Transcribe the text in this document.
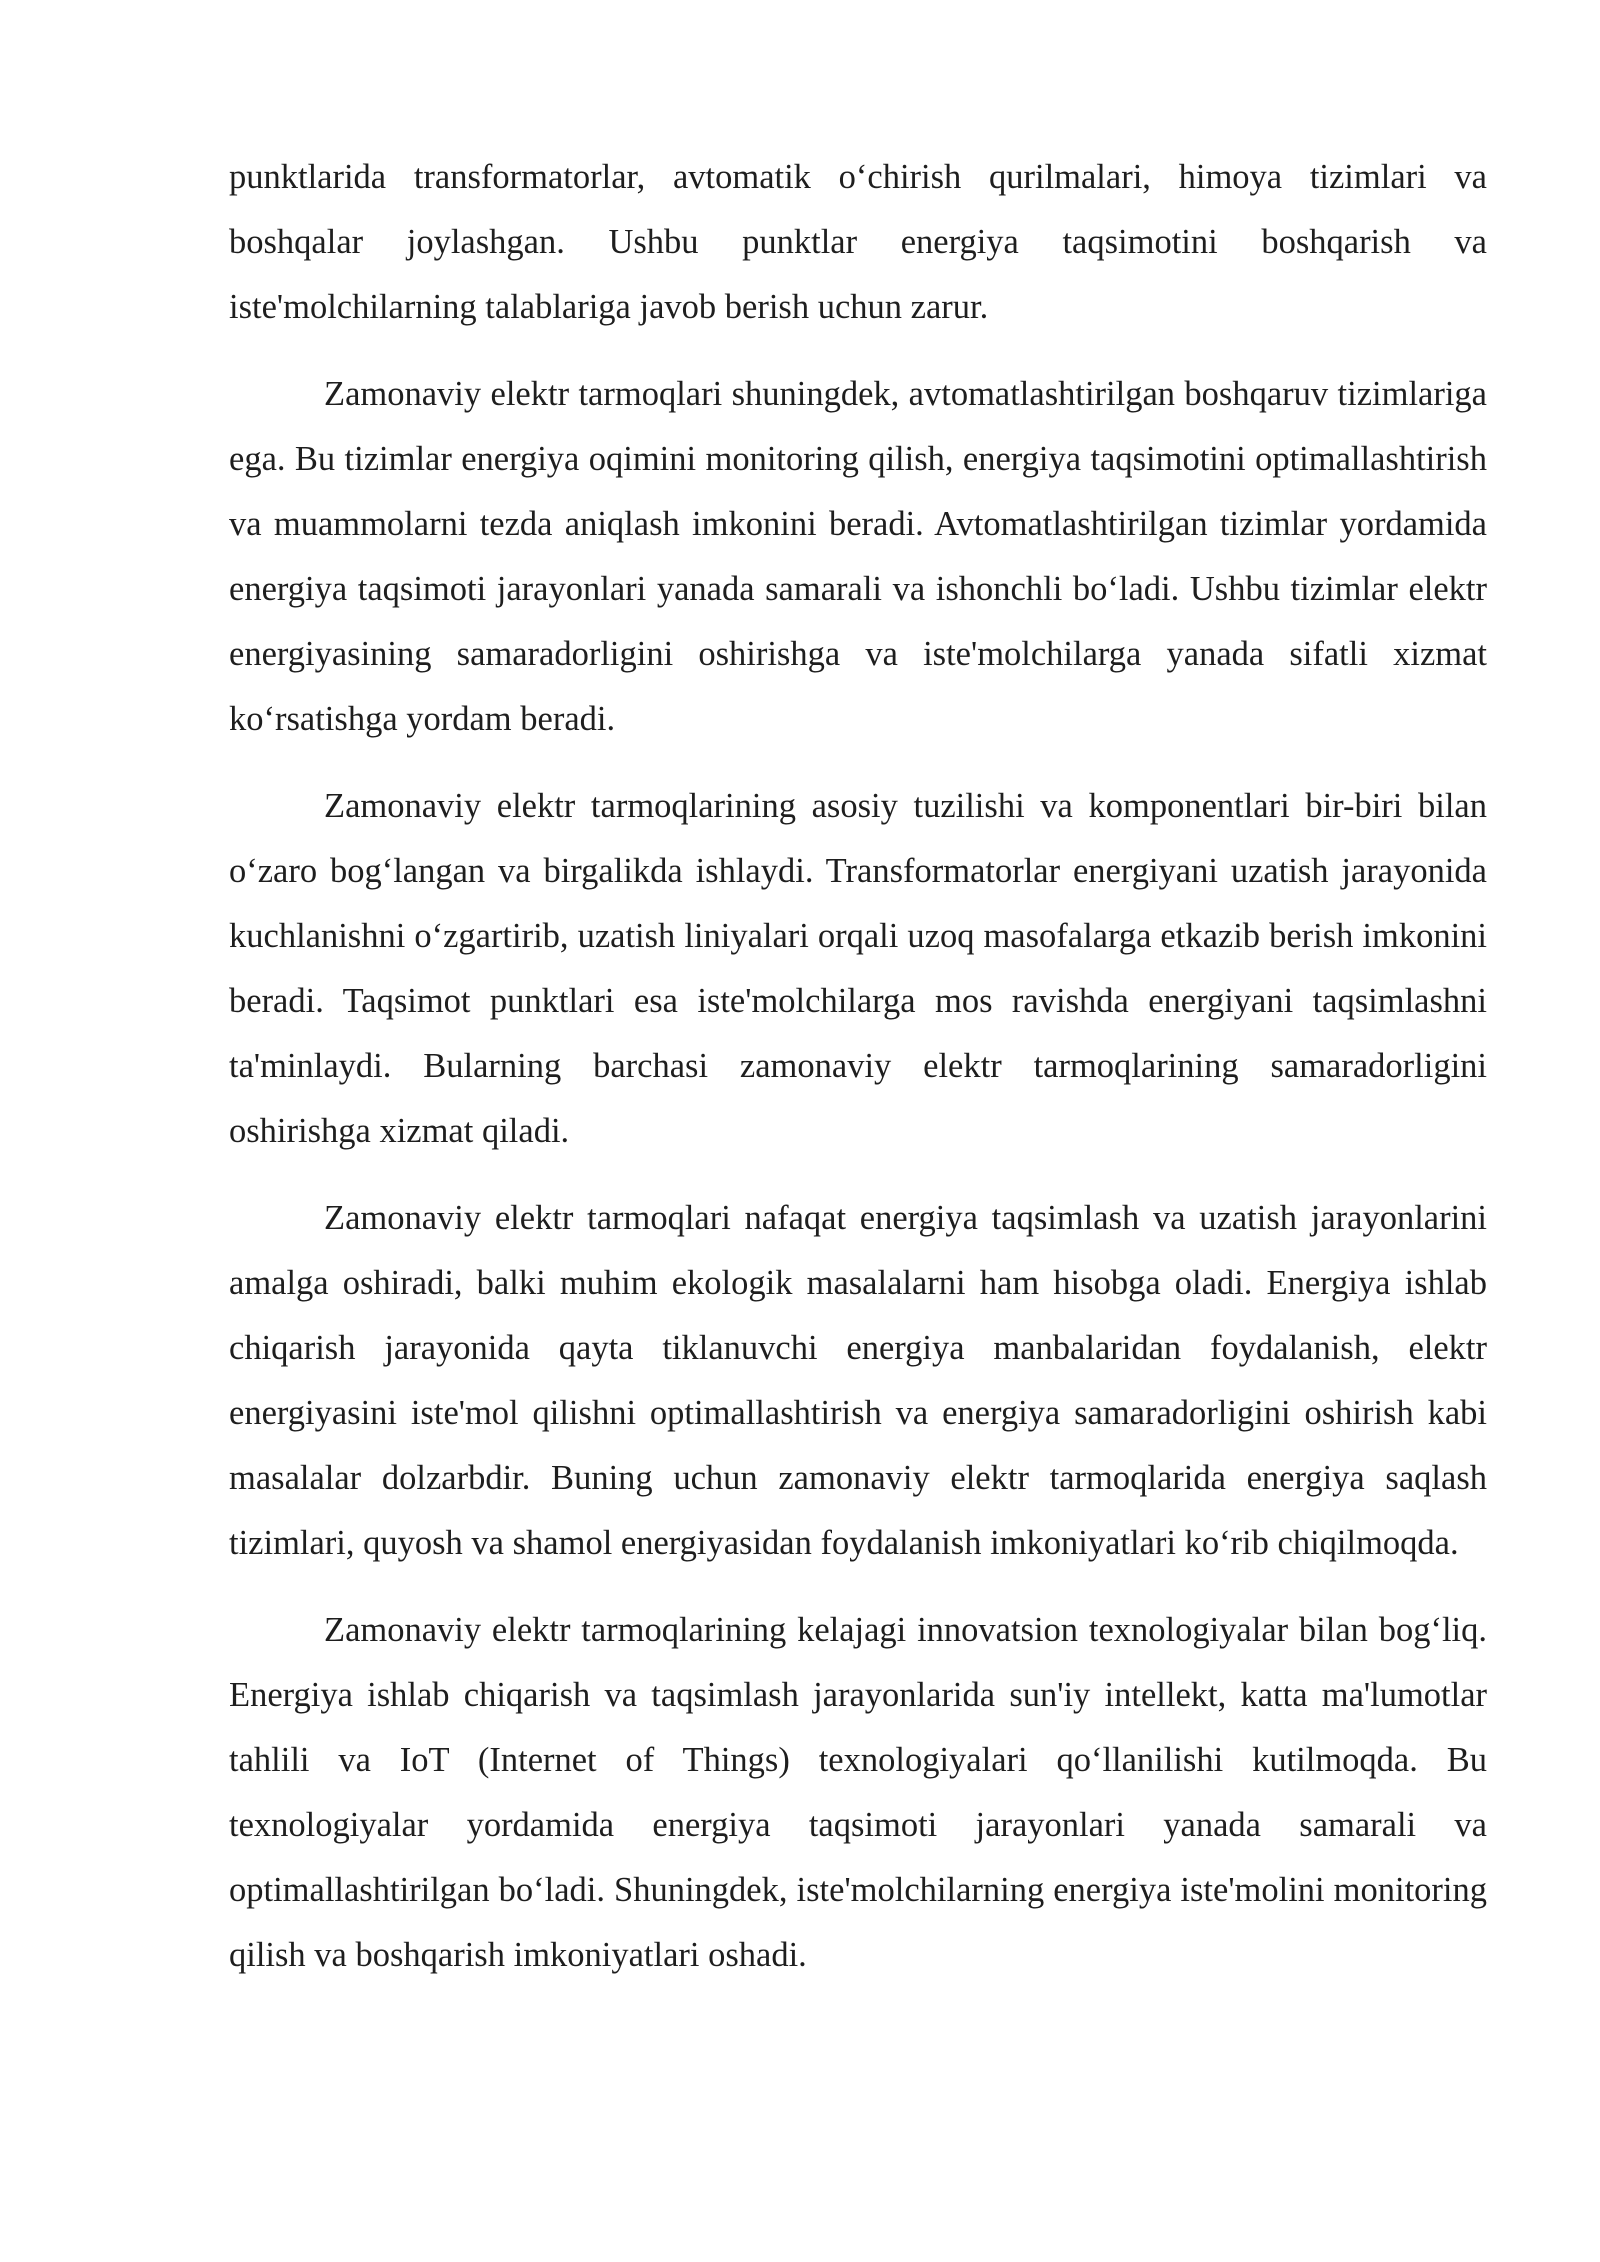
punktlarida transformatorlar, avtomatik o‘chirish qurilmalari, himoya tizimlari va boshqalar joylashgan. Ushbu punktlar energiya taqsimotini boshqarish va iste'molchilarning talablariga javob berish uchun zarur.

Zamonaviy elektr tarmoqlari shuningdek, avtomatlashtirilgan boshqaruv tizimlariga ega. Bu tizimlar energiya oqimini monitoring qilish, energiya taqsimotini optimallashtirish va muammolarni tezda aniqlash imkonini beradi. Avtomatlashtirilgan tizimlar yordamida energiya taqsimoti jarayonlari yanada samarali va ishonchli bo‘ladi. Ushbu tizimlar elektr energiyasining samaradorligini oshirishga va iste'molchilarga yanada sifatli xizmat ko‘rsatishga yordam beradi.

Zamonaviy elektr tarmoqlarining asosiy tuzilishi va komponentlari bir-biri bilan o‘zaro bog‘langan va birgalikda ishlaydi. Transformatorlar energiyani uzatish jarayonida kuchlanishni o‘zgartirib, uzatish liniyalari orqali uzoq masofalarga etkazib berish imkonini beradi. Taqsimot punktlari esa iste'molchilarga mos ravishda energiyani taqsimlashni ta'minlaydi. Bularning barchasi zamonaviy elektr tarmoqlarining samaradorligini oshirishga xizmat qiladi.

Zamonaviy elektr tarmoqlari nafaqat energiya taqsimlash va uzatish jarayonlarini amalga oshiradi, balki muhim ekologik masalalarni ham hisobga oladi. Energiya ishlab chiqarish jarayonida qayta tiklanuvchi energiya manbalaridan foydalanish, elektr energiyasini iste'mol qilishni optimallashtirish va energiya samaradorligini oshirish kabi masalalar dolzarbdir. Buning uchun zamonaviy elektr tarmoqlarida energiya saqlash tizimlari, quyosh va shamol energiyasidan foydalanish imkoniyatlari ko‘rib chiqilmoqda.

Zamonaviy elektr tarmoqlarining kelajagi innovatsion texnologiyalar bilan bog‘liq. Energiya ishlab chiqarish va taqsimlash jarayonlarida sun'iy intellekt, katta ma'lumotlar tahlili va IoT (Internet of Things) texnologiyalari qo‘llanilishi kutilmoqda. Bu texnologiyalar yordamida energiya taqsimoti jarayonlari yanada samarali va optimallashtirilgan bo‘ladi. Shuningdek, iste'molchilarning energiya iste'molini monitoring qilish va boshqarish imkoniyatlari oshadi.
